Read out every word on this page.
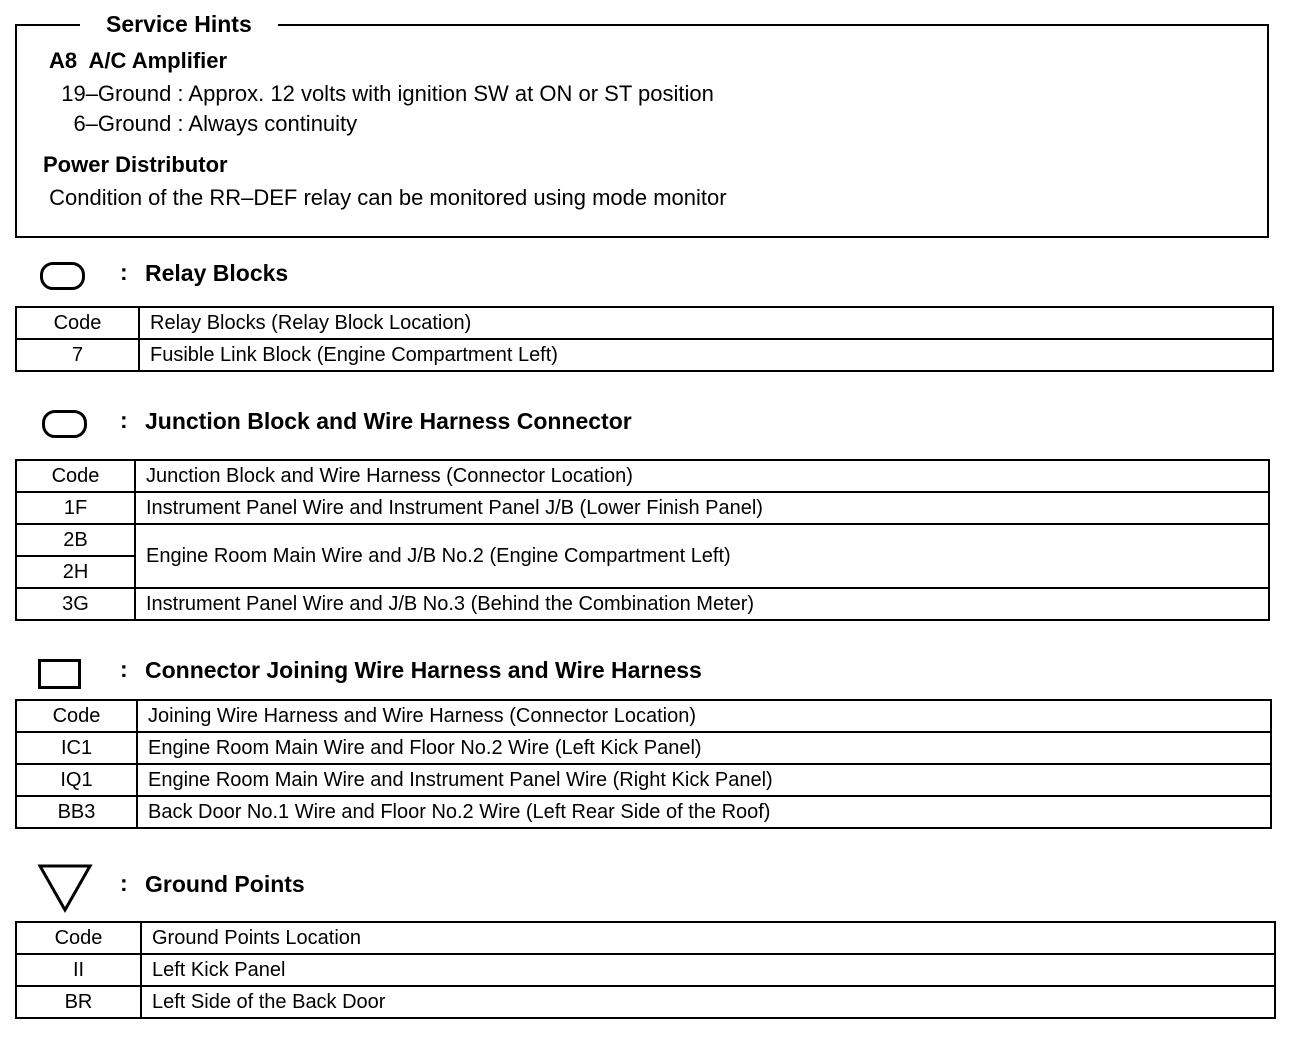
Service Hints
A8  A/C Amplifier
19–Ground : Approx. 12 volts with ignition SW at ON or ST position
6–Ground : Always continuity
Power Distributor
Condition of the RR–DEF relay can be monitored using mode monitor
: Relay Blocks
Code	Relay Blocks (Relay Block Location)
7	Fusible Link Block (Engine Compartment Left)
: Junction Block and Wire Harness Connector
Code	Junction Block and Wire Harness (Connector Location)
1F	Instrument Panel Wire and Instrument Panel J/B (Lower Finish Panel)
2B	Engine Room Main Wire and J/B No.2 (Engine Compartment Left)
2H	
3G	Instrument Panel Wire and J/B No.3 (Behind the Combination Meter)
: Connector Joining Wire Harness and Wire Harness
Code	Joining Wire Harness and Wire Harness (Connector Location)
IC1	Engine Room Main Wire and Floor No.2 Wire (Left Kick Panel)
IQ1	Engine Room Main Wire and Instrument Panel Wire (Right Kick Panel)
BB3	Back Door No.1 Wire and Floor No.2 Wire (Left Rear Side of the Roof)
: Ground Points
Code	Ground Points Location
II	Left Kick Panel
BR	Left Side of the Back Door
